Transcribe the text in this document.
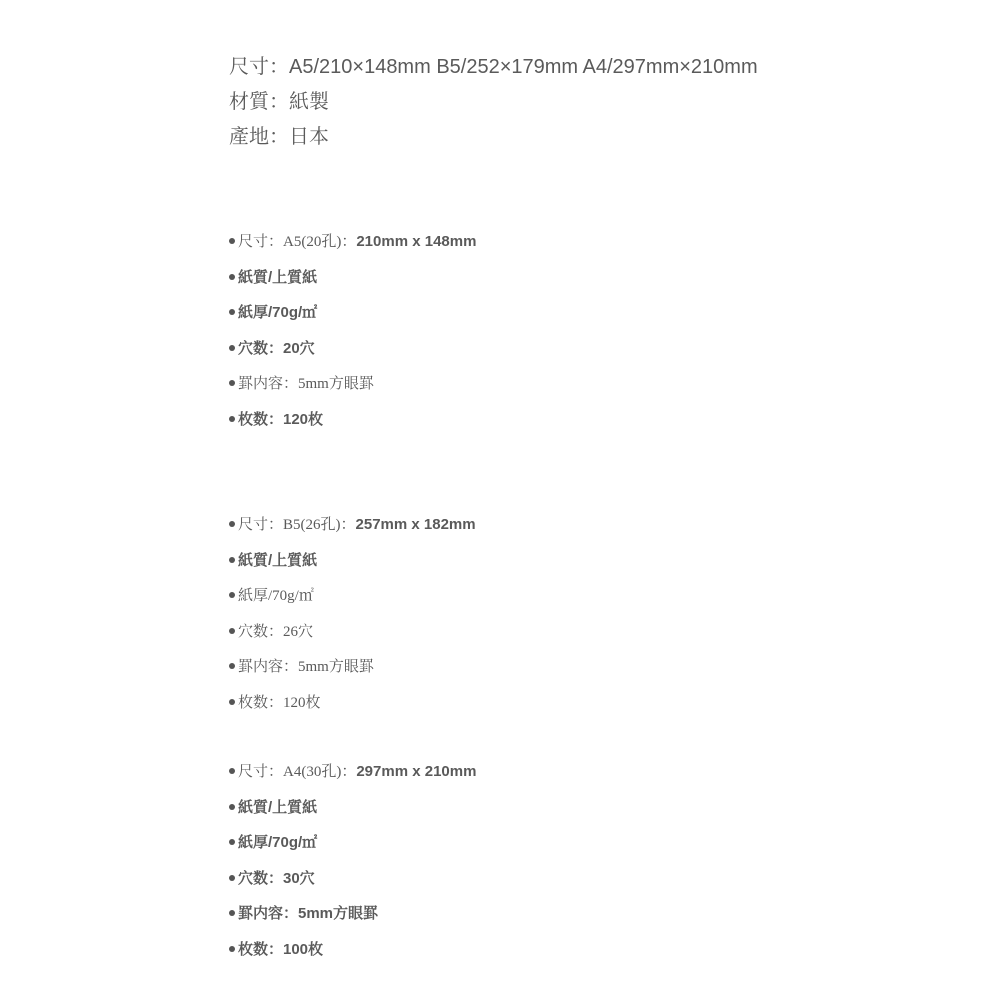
尺寸：A5/210×148mm B5/252×179mm A4/297mm×210mm
材質：紙製
產地：日本
尺寸：A5(20孔)：210mm x 148mm
紙質/上質紙
紙厚/70g/㎡
穴数：20穴
罫内容：5mm方眼罫
枚数：120枚
尺寸：B5(26孔)：257mm x 182mm
紙質/上質紙
紙厚/70g/㎡
穴数：26穴
罫内容：5mm方眼罫
枚数：120枚
尺寸：A4(30孔)：297mm x 210mm
紙質/上質紙
紙厚/70g/㎡
穴数：30穴
罫内容：5mm方眼罫
枚数：100枚
